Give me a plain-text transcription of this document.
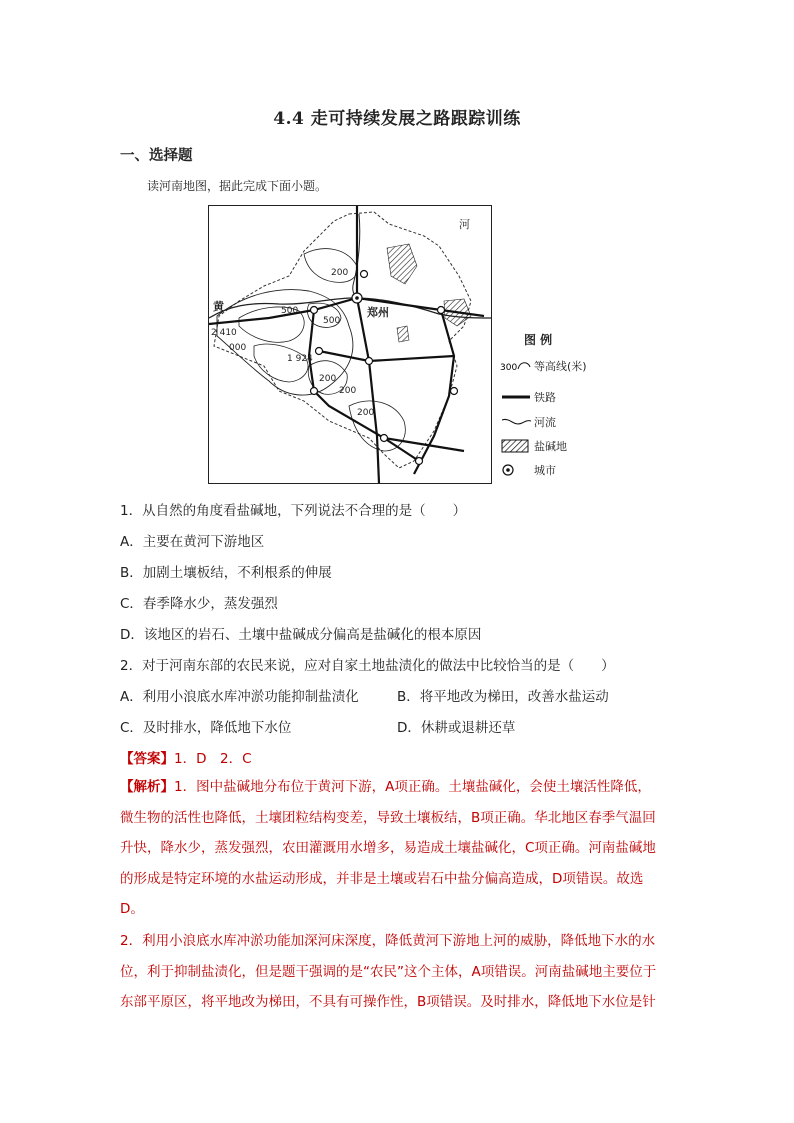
4.4 走可持续发展之路跟踪训练
一、选择题
读河南地图，据此完成下面小题。
河
黄	郑州
200
500
500
2 410
000
1 924
200
200
200
图 例
300 等高线(米)
铁路
河流
盐碱地
城市
1．从自然的角度看盐碱地，下列说法不合理的是（　　）
A．主要在黄河下游地区
B．加剧土壤板结，不利根系的伸展
C．春季降水少，蒸发强烈
D．该地区的岩石、土壤中盐碱成分偏高是盐碱化的根本原因
2．对于河南东部的农民来说，应对自家土地盐渍化的做法中比较恰当的是（　　）
A．利用小浪底水库冲淤功能抑制盐渍化	B．将平地改为梯田，改善水盐运动
C．及时排水，降低地下水位	D．休耕或退耕还草
【答案】1．D　2．C
【解析】1．图中盐碱地分布位于黄河下游，A项正确。土壤盐碱化，会使土壤活性降低，
微生物的活性也降低，土壤团粒结构变差，导致土壤板结，B项正确。华北地区春季气温回
升快，降水少，蒸发强烈，农田灌溉用水增多，易造成土壤盐碱化，C项正确。河南盐碱地
的形成是特定环境的水盐运动形成，并非是土壤或岩石中盐分偏高造成，D项错误。故选
D。
2．利用小浪底水库冲淤功能加深河床深度，降低黄河下游地上河的威胁，降低地下水的水
位，利于抑制盐渍化，但是题干强调的是“农民”这个主体，A项错误。河南盐碱地主要位于
东部平原区，将平地改为梯田，不具有可操作性，B项错误。及时排水，降低地下水位是针
